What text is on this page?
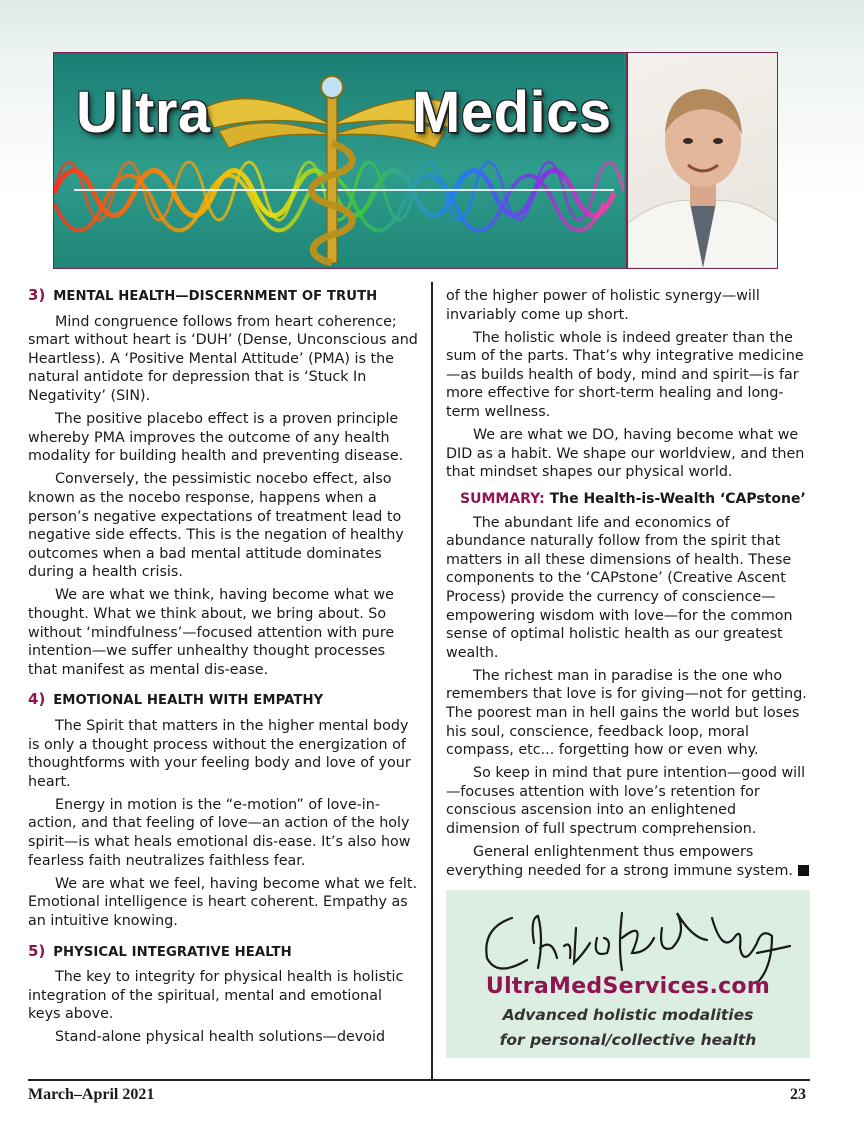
Ultra	Medics
3) MENTAL HEALTH—DISCERNMENT OF TRUTH

Mind congruence follows from heart coherence; smart without heart is ‘DUH’ (Dense, Unconscious and Heartless). A ‘Positive Mental Attitude’ (PMA) is the natural antidote for depression that is ‘Stuck In Negativity’ (SIN).

The positive placebo effect is a proven principle whereby PMA improves the outcome of any health modality for building health and preventing disease.

Conversely, the pessimistic nocebo effect, also known as the nocebo response, happens when a person’s negative expectations of treatment lead to negative side effects. This is the negation of healthy outcomes when a bad mental attitude dominates during a health crisis.

We are what we think, having become what we thought. What we think about, we bring about. So without ‘mindfulness’—focused attention with pure intention—we suffer unhealthy thought processes that manifest as mental dis-ease.

4) EMOTIONAL HEALTH WITH EMPATHY

The Spirit that matters in the higher mental body is only a thought process without the energization of thoughtforms with your feeling body and love of your heart.

Energy in motion is the “e-motion” of love-in-action, and that feeling of love—an action of the holy spirit—is what heals emotional dis-ease. It’s also how fearless faith neutralizes faithless fear.

We are what we feel, having become what we felt. Emotional intelligence is heart coherent. Empathy as an intuitive knowing.

5) PHYSICAL INTEGRATIVE HEALTH

The key to integrity for physical health is holistic integration of the spiritual, mental and emotional keys above.

Stand-alone physical health solutions—devoid

of the higher power of holistic synergy—will invariably come up short.

The holistic whole is indeed greater than the sum of the parts. That’s why integrative medicine—as builds health of body, mind and spirit—is far more effective for short-term healing and long-term wellness.

We are what we DO, having become what we DID as a habit. We shape our worldview, and then that mindset shapes our physical world.

SUMMARY: The Health-is-Wealth ‘CAPstone’

The abundant life and economics of abundance naturally follow from the spirit that matters in all these dimensions of health. These components to the ‘CAPstone’ (Creative Ascent Process) provide the currency of conscience—empowering wisdom with love—for the common sense of optimal holistic health as our greatest wealth.

The richest man in paradise is the one who remembers that love is for giving—not for getting. The poorest man in hell gains the world but loses his soul, conscience, feedback loop, moral compass, etc... forgetting how or even why.

So keep in mind that pure intention—good will—focuses attention with love’s retention for conscious ascension into an enlightened dimension of full spectrum comprehension.

General enlightenment thus empowers everything needed for a strong immune system.

UltraMedServices.com
Advanced holistic modalities
for personal/collective health
March–April 2021	23
